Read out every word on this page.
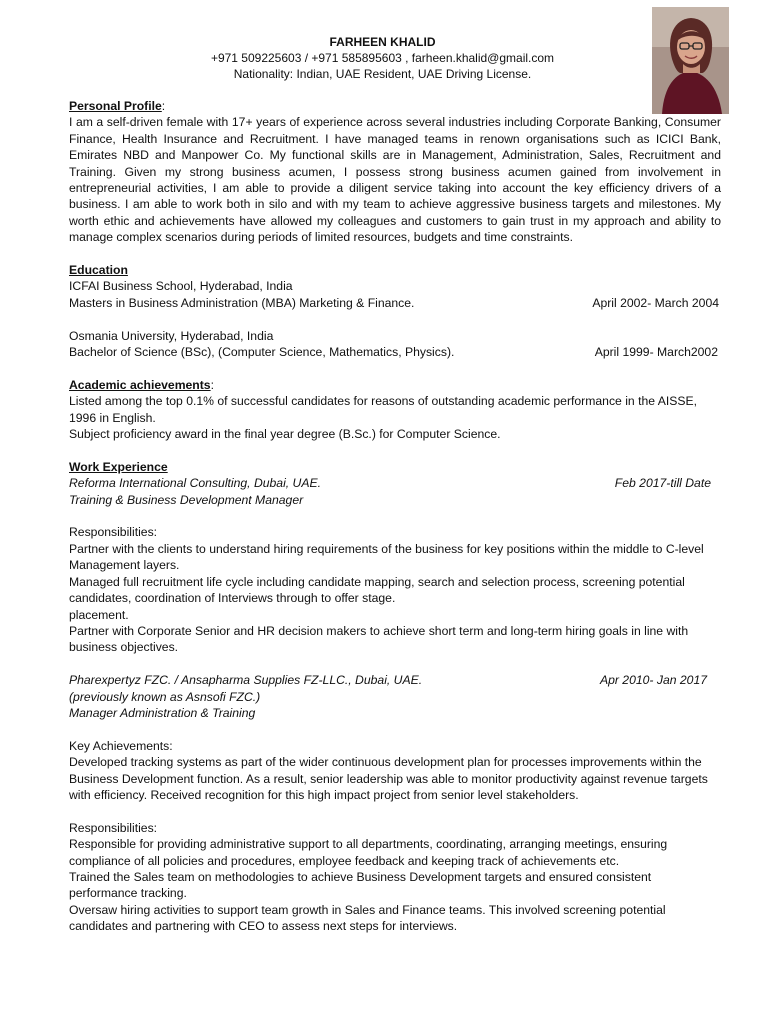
FARHEEN KHALID
+971 509225603 / +971 585895603 , farheen.khalid@gmail.com
Nationality: Indian, UAE Resident, UAE Driving License.

Personal Profile:

I am a self-driven female with 17+ years of experience across several industries including Corporate Banking, Consumer Finance, Health Insurance and Recruitment. I have managed teams in renown organisations such as ICICI Bank, Emirates NBD and Manpower Co. My functional skills are in Management, Administration, Sales, Recruitment and Training. Given my strong business acumen, I possess strong business acumen gained from involvement in entrepreneurial activities, I am able to provide a diligent service taking into account the key efficiency drivers of a business. I am able to work both in silo and with my team to achieve aggressive business targets and milestones. My worth ethic and achievements have allowed my colleagues and customers to gain trust in my approach and ability to manage complex scenarios during periods of limited resources, budgets and time constraints.

Education

ICFAI Business School, Hyderabad, India

Masters in Business Administration (MBA) Marketing & Finance.	April 2002- March 2004

Osmania University, Hyderabad, India

Bachelor of Science (BSc), (Computer Science, Mathematics, Physics).	April 1999- March2002

Academic achievements:

Listed among the top 0.1% of successful candidates for reasons of outstanding academic performance in the AISSE, 1996 in English.

Subject proficiency award in the final year degree (B.Sc.) for Computer Science.

Work Experience

Reforma International Consulting, Dubai, UAE.	Feb 2017-till Date

Training & Business Development Manager

Responsibilities:

Partner with the clients to understand hiring requirements of the business for key positions within the middle to C-level Management layers.

Managed full recruitment life cycle including candidate mapping, search and selection process, screening potential candidates, coordination of Interviews through to offer stage.

placement.

Partner with Corporate Senior and HR decision makers to achieve short term and long-term hiring goals in line with business objectives.

Pharexpertyz FZC. / Ansapharma Supplies FZ-LLC., Dubai, UAE.	Apr 2010- Jan 2017

(previously known as Asnsofi FZC.)

Manager Administration & Training

Key Achievements:

Developed tracking systems as part of the wider continuous development plan for processes improvements within the Business Development function. As a result, senior leadership was able to monitor productivity against revenue targets with efficiency. Received recognition for this high impact project from senior level stakeholders.

Responsibilities:

Responsible for providing administrative support to all departments, coordinating, arranging meetings, ensuring compliance of all policies and procedures, employee feedback and keeping track of achievements etc.

Trained the Sales team on methodologies to achieve Business Development targets and ensured consistent performance tracking.

Oversaw hiring activities to support team growth in Sales and Finance teams. This involved screening potential candidates and partnering with CEO to assess next steps for interviews.
